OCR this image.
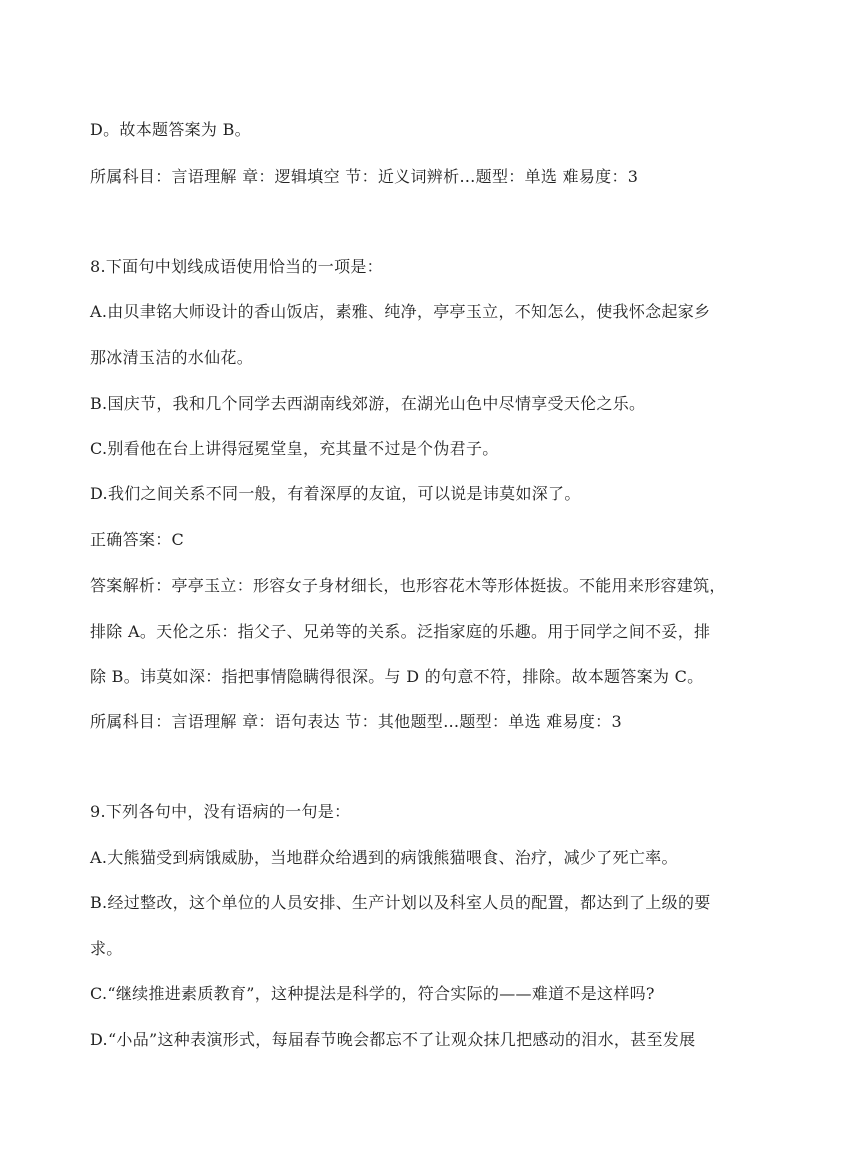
D。故本题答案为 B。
所属科目：言语理解 章：逻辑填空 节：近义词辨析…题型：单选 难易度：3
8.下面句中划线成语使用恰当的一项是：
A.由贝聿铭大师设计的香山饭店，素雅、纯净，亭亭玉立，不知怎么，使我怀念起家乡
那冰清玉洁的水仙花。
B.国庆节，我和几个同学去西湖南线郊游，在湖光山色中尽情享受天伦之乐。
C.别看他在台上讲得冠冕堂皇，充其量不过是个伪君子。
D.我们之间关系不同一般，有着深厚的友谊，可以说是讳莫如深了。
正确答案：C
答案解析：亭亭玉立：形容女子身材细长，也形容花木等形体挺拔。不能用来形容建筑，
排除 A。天伦之乐：指父子、兄弟等的关系。泛指家庭的乐趣。用于同学之间不妥，排
除 B。讳莫如深：指把事情隐瞒得很深。与 D 的句意不符，排除。故本题答案为 C。
所属科目：言语理解 章：语句表达 节：其他题型…题型：单选 难易度：3
9.下列各句中，没有语病的一句是：
A.大熊猫受到病饿威胁，当地群众给遇到的病饿熊猫喂食、治疗，减少了死亡率。
B.经过整改，这个单位的人员安排、生产计划以及科室人员的配置，都达到了上级的要
求。
C.“继续推进素质教育”，这种提法是科学的，符合实际的——难道不是这样吗?
D.“小品”这种表演形式，每届春节晚会都忘不了让观众抹几把感动的泪水，甚至发展
